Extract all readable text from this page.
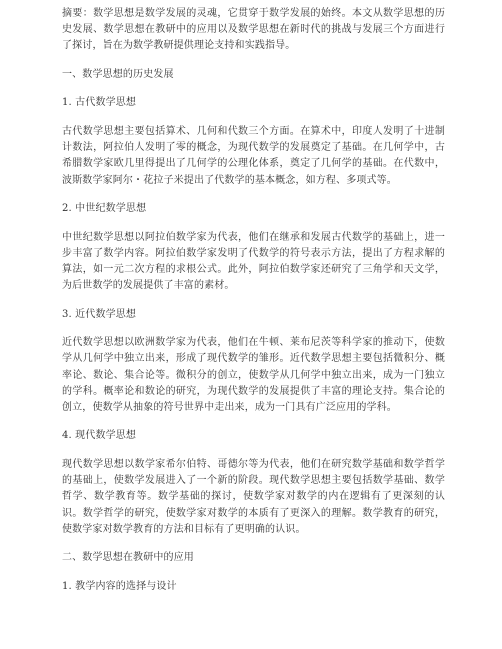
摘要：数学思想是数学发展的灵魂，它贯穿于数学发展的始终。本文从数学思想的历史发展、数学思想在教研中的应用以及数学思想在新时代的挑战与发展三个方面进行了探讨，旨在为数学教研提供理论支持和实践指导。

一、数学思想的历史发展

1. 古代数学思想

古代数学思想主要包括算术、几何和代数三个方面。在算术中，印度人发明了十进制计数法，阿拉伯人发明了零的概念，为现代数学的发展奠定了基础。在几何学中，古希腊数学家欧几里得提出了几何学的公理化体系，奠定了几何学的基础。在代数中，波斯数学家阿尔・花拉子米提出了代数学的基本概念，如方程、多项式等。

2. 中世纪数学思想

中世纪数学思想以阿拉伯数学家为代表，他们在继承和发展古代数学的基础上，进一步丰富了数学内容。阿拉伯数学家发明了代数学的符号表示方法，提出了方程求解的算法，如一元二次方程的求根公式。此外，阿拉伯数学家还研究了三角学和天文学，为后世数学的发展提供了丰富的素材。

3. 近代数学思想

近代数学思想以欧洲数学家为代表，他们在牛顿、莱布尼茨等科学家的推动下，使数学从几何学中独立出来，形成了现代数学的雏形。近代数学思想主要包括微积分、概率论、数论、集合论等。微积分的创立，使数学从几何学中独立出来，成为一门独立的学科。概率论和数论的研究，为现代数学的发展提供了丰富的理论支持。集合论的创立，使数学从抽象的符号世界中走出来，成为一门具有广泛应用的学科。

4. 现代数学思想

现代数学思想以数学家希尔伯特、哥德尔等为代表，他们在研究数学基础和数学哲学的基础上，使数学发展进入了一个新的阶段。现代数学思想主要包括数学基础、数学哲学、数学教育等。数学基础的探讨，使数学家对数学的内在逻辑有了更深刻的认识。数学哲学的研究，使数学家对数学的本质有了更深入的理解。数学教育的研究，使数学家对数学教育的方法和目标有了更明确的认识。

二、数学思想在教研中的应用

1. 教学内容的选择与设计
